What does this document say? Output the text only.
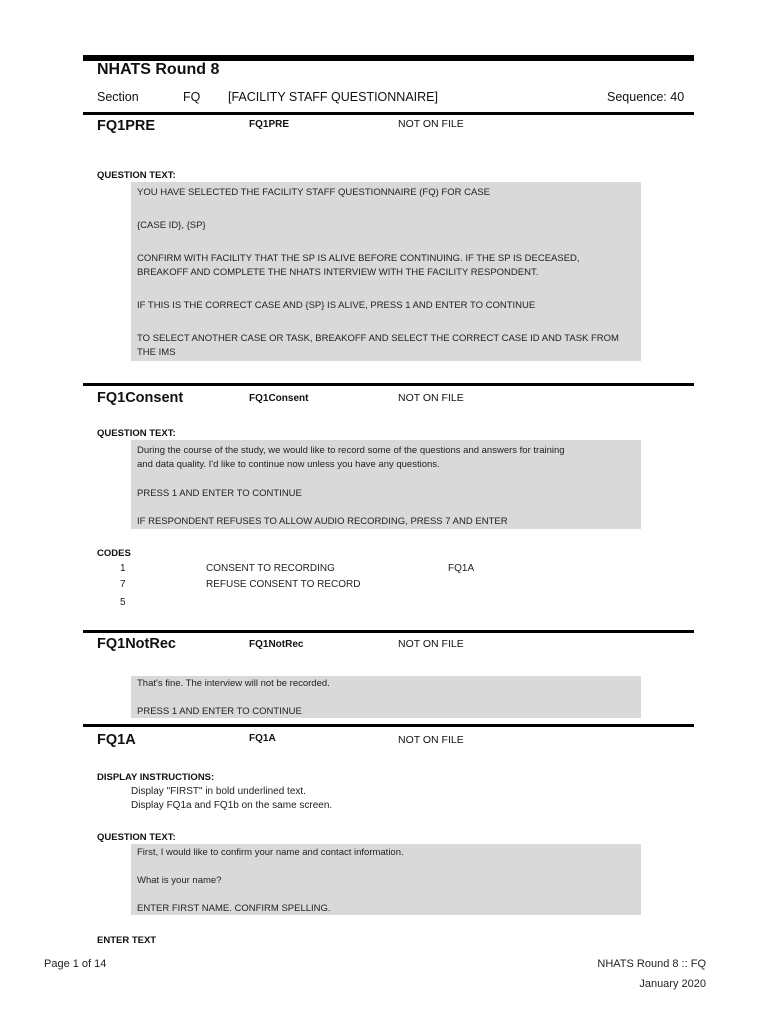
NHATS Round 8
Section	FQ [FACILITY STAFF QUESTIONNAIRE]	Sequence: 40
FQ1PRE	FQ1PRE	NOT ON FILE
QUESTION TEXT:
YOU HAVE SELECTED THE FACILITY STAFF QUESTIONNAIRE (FQ) FOR CASE
{CASE ID}, {SP}
CONFIRM WITH FACILITY THAT THE SP IS ALIVE BEFORE CONTINUING. IF THE SP IS DECEASED,
BREAKOFF AND COMPLETE THE NHATS INTERVIEW WITH THE FACILITY RESPONDENT.
IF THIS IS THE CORRECT CASE AND {SP} IS ALIVE, PRESS 1 AND ENTER TO CONTINUE
TO SELECT ANOTHER CASE OR TASK, BREAKOFF AND SELECT THE CORRECT CASE ID AND TASK FROM
THE IMS
FQ1Consent	FQ1Consent	NOT ON FILE
QUESTION TEXT:
During the course of the study, we would like to record some of the questions and answers for training
and data quality. I'd like to continue now unless you have any questions.
PRESS 1 AND ENTER TO CONTINUE
IF RESPONDENT REFUSES TO ALLOW AUDIO RECORDING, PRESS 7 AND ENTER
CODES
1	CONSENT TO RECORDING	FQ1A
7	REFUSE CONSENT TO RECORD
5
FQ1NotRec	FQ1NotRec	NOT ON FILE
That's fine. The interview will not be recorded.
PRESS 1 AND ENTER TO CONTINUE
FQ1A	FQ1A	NOT ON FILE
DISPLAY INSTRUCTIONS:
Display "FIRST" in bold underlined text.
Display FQ1a and FQ1b on the same screen.
QUESTION TEXT:
First, I would like to confirm your name and contact information.
What is your name?
ENTER FIRST NAME. CONFIRM SPELLING.
ENTER TEXT
Page 1 of 14	NHATS Round 8 :: FQ
January 2020
